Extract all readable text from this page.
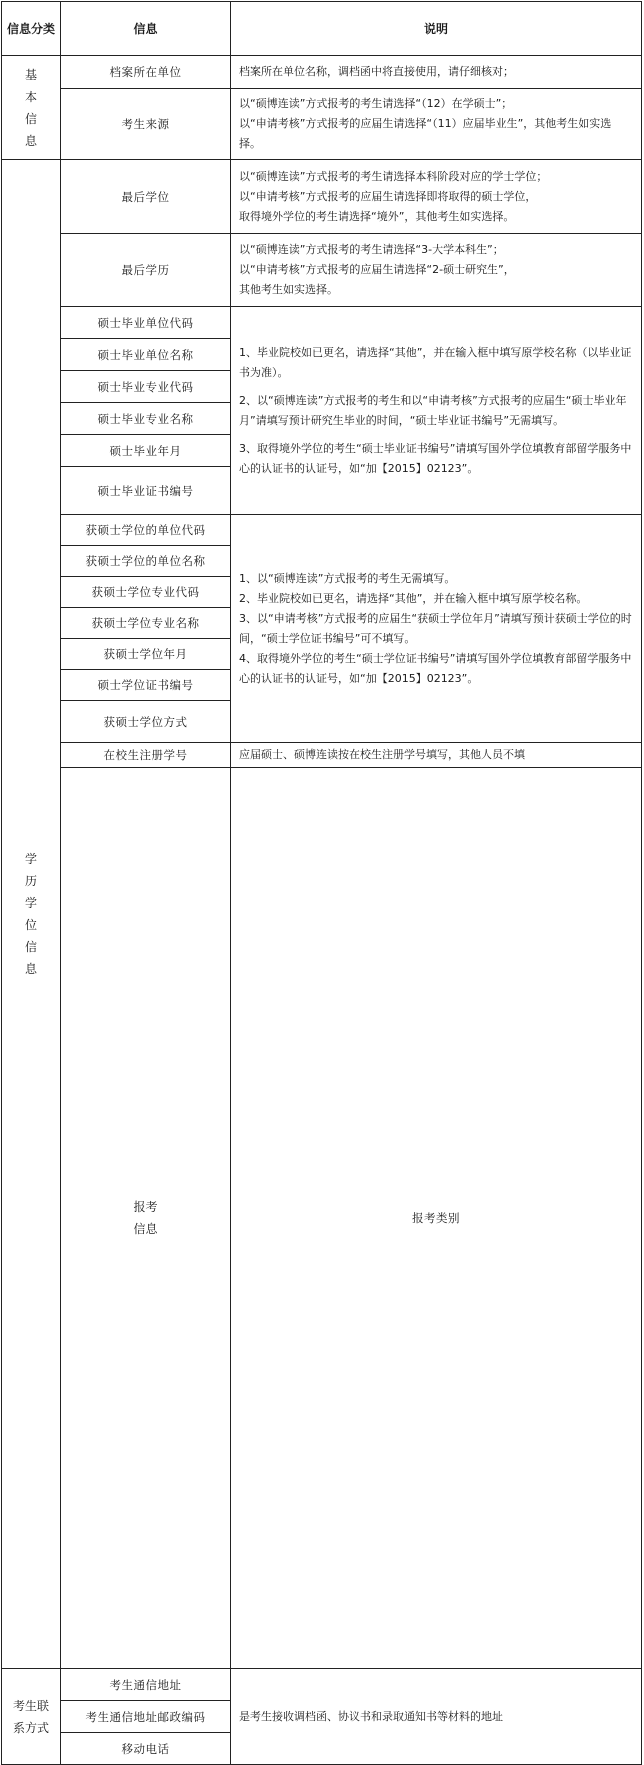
信息分类	信息	说明	

基本信息	档案所在单位	档案所在单位名称，调档函中将直接使用，请仔细核对；	
	考生来源	以“硕博连读”方式报考的考生请选择“（12）在学硕士”；

以“申请考核”方式报考的应届生请选择“（11）应届毕业生”，其他考生如实选择。	

学历学位信息	最后学位	以“硕博连读”方式报考的考生请选择本科阶段对应的学士学位；

以“申请考核”方式报考的应届生请选择即将取得的硕士学位，

取得境外学位的考生请选择“境外”，其他考生如实选择。	

	最后学历	以“硕博连读”方式报考的考生请选择“3-大学本科生”；

以“申请考核”方式报考的应届生请选择“2-硕士研究生”，

其他考生如实选择。	

	硕士毕业单位代码	1、毕业院校如已更名，请选择“其他”，并在输入框中填写原学校名称（以毕业证书为准）。

2、以“硕博连读”方式报考的考生和以“申请考核”方式报考的应届生“硕士毕业年月”请填写预计研究生毕业的时间，“硕士毕业证书编号”无需填写。

3、取得境外学位的考生“硕士毕业证书编号”请填写国外学位填教育部留学服务中心的认证书的认证号，如“加【2015】02123”。	

	硕士毕业单位名称		
	硕士毕业专业代码		
	硕士毕业专业名称		
	硕士毕业年月		
	硕士毕业证书编号		
	获硕士学位的单位代码	1、以“硕博连读”方式报考的考生无需填写。

2、毕业院校如已更名，请选择“其他”，并在输入框中填写原学校名称。

3、以“申请考核”方式报考的应届生“获硕士学位年月”请填写预计获硕士学位的时间，“硕士学位证书编号”可不填写。

4、取得境外学位的考生“硕士学位证书编号”请填写国外学位填教育部留学服务中心的认证书的认证号，如“加【2015】02123”。	

	获硕士学位的单位名称		
	获硕士学位专业代码		
	获硕士学位专业名称		
	获硕士学位年月		
	硕士学位证书编号		
	获硕士学位方式		
	在校生注册学号	应届硕士、硕博连读按在校生注册学号填写，其他人员不填	

	报考信息	报考类别	

考生联系方式	考生通信地址	是考生接收调档函、协议书和录取通知书等材料的地址	
	考生通信地址邮政编码		
	移动电话		
